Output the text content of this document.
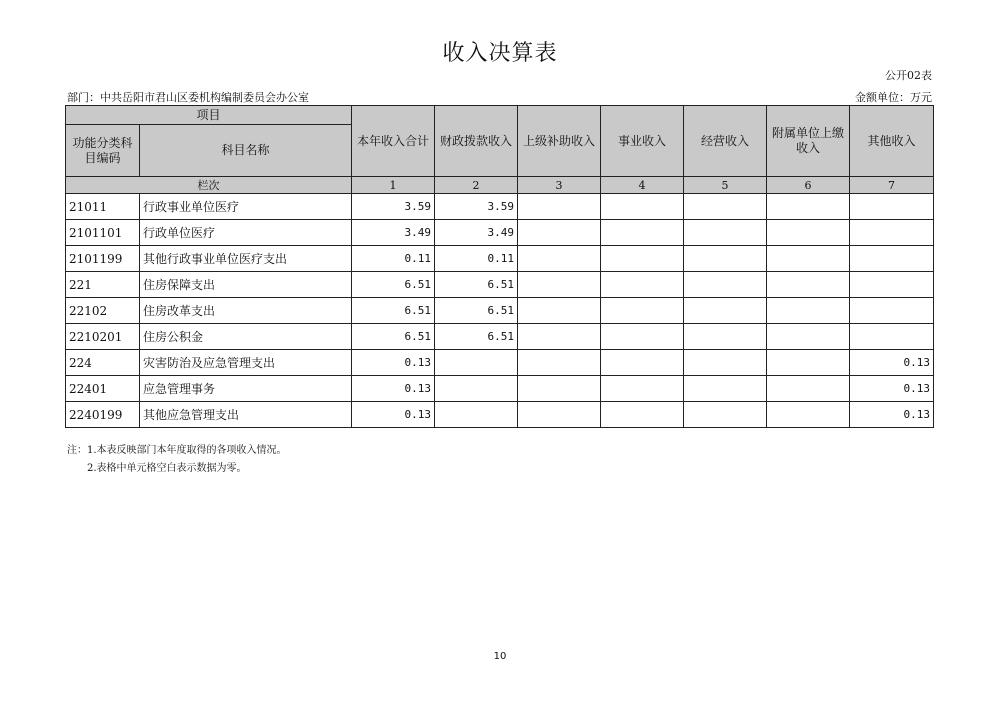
收入决算表
公开02表
部门：中共岳阳市君山区委机构编制委员会办公室	金额单位：万元
项目		本年收入合计	财政拨款收入	上级补助收入	事业收入	经营收入	附属单位上缴收入	其他收入
功能分类科目编码	科目名称							
栏次		1	2	3	4	5	6	7
21011	行政事业单位医疗	3.59	3.59					
2101101	行政单位医疗	3.49	3.49					
2101199	其他行政事业单位医疗支出	0.11	0.11					
221	住房保障支出	6.51	6.51					
22102	住房改革支出	6.51	6.51					
2210201	住房公积金	6.51	6.51					
224	灾害防治及应急管理支出	0.13						0.13
22401	应急管理事务	0.13						0.13
2240199	其他应急管理支出	0.13						0.13
注：1.本表反映部门本年度取得的各项收入情况。
2.表格中单元格空白表示数据为零。
10
